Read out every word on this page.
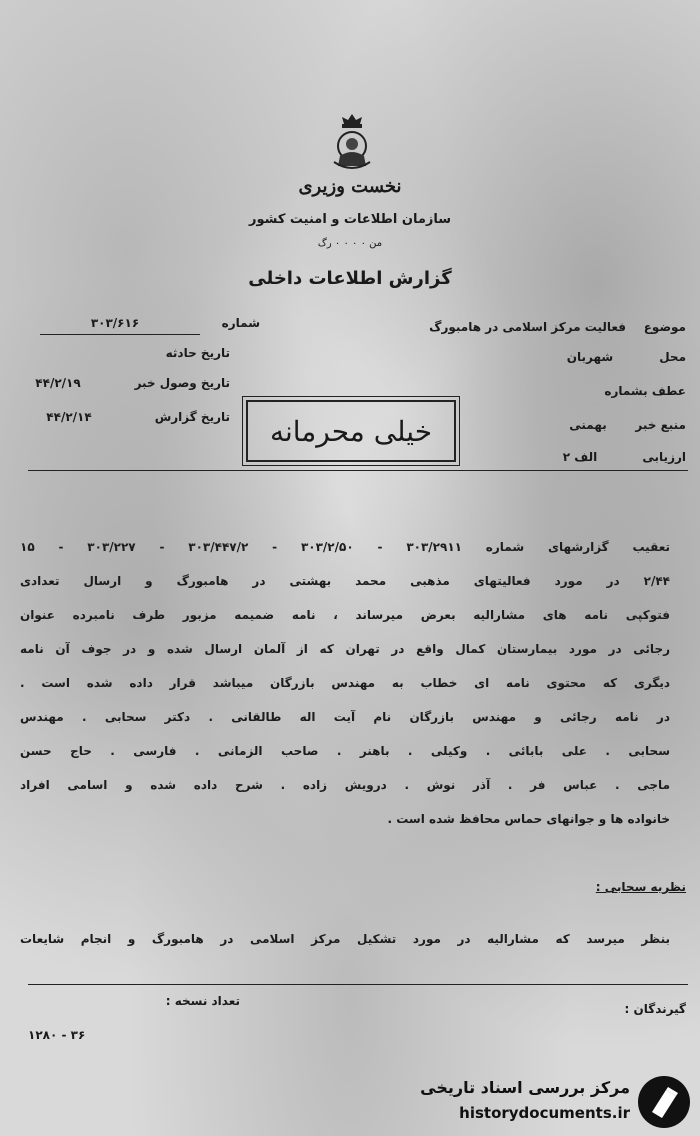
نخست وزیری
سازمان اطلاعات و امنیت کشور
من ۰ ۰ ۰ ۰ رگ
گزارش اطلاعات داخلی
شماره
۳۰۳/۶۱۶
تاریخ حادثه
تاریخ وصول خبر
۴۴/۲/۱۹
تاریخ گزارش
۴۴/۲/۱۴
موضوع
فعالیت مرکز اسلامی در هامبورگ
محل
شهربان
عطف بشماره
منبع خبر
بهمنی
ارزیابی
الف ۲
خیلی محرمانه
تعقیب گزارشهای شماره ۳۰۳/۲۹۱۱ - ۳۰۳/۲/۵۰ - ۳۰۳/۴۴۷/۲ - ۳۰۳/۲۲۷ - ۱۵
۲/۴۴ در مورد فعالیتهای مذهبی محمد بهشتی در هامبورگ و ارسال تعدادی
فتوکپی نامه های مشارالیه بعرض میرساند ، نامه ضمیمه مزبور طرف نامبرده عنوان
رجائی در مورد بیمارستان کمال واقع در تهران که از آلمان ارسال شده و در جوف آن نامه
دیگری که محتوی نامه ای خطاب به مهندس بازرگان میباشد قرار داده شده است .
در نامه رجائی و مهندس بازرگان نام آیت اله طالقانی . دکتر سحابی . مهندس
سحابی . علی بابائی . وکیلی . باهنر . صاحب الزمانی . فارسی . حاج حسن
ماجی . عباس فر . آذر نوش . درویش زاده . شرح داده شده و اسامی افراد
خانواده ها و جوانهای حماس محافظ شده است .
نظریه سحابی :
بنظر میرسد که مشارالیه در مورد تشکیل مرکز اسلامی در هامبورگ و انجام شایعات
تعداد نسخه :
گیرندگان :
۳۶ - ۱۲۸۰
مرکز بررسی اسناد تاریخی
historydocuments.ir
